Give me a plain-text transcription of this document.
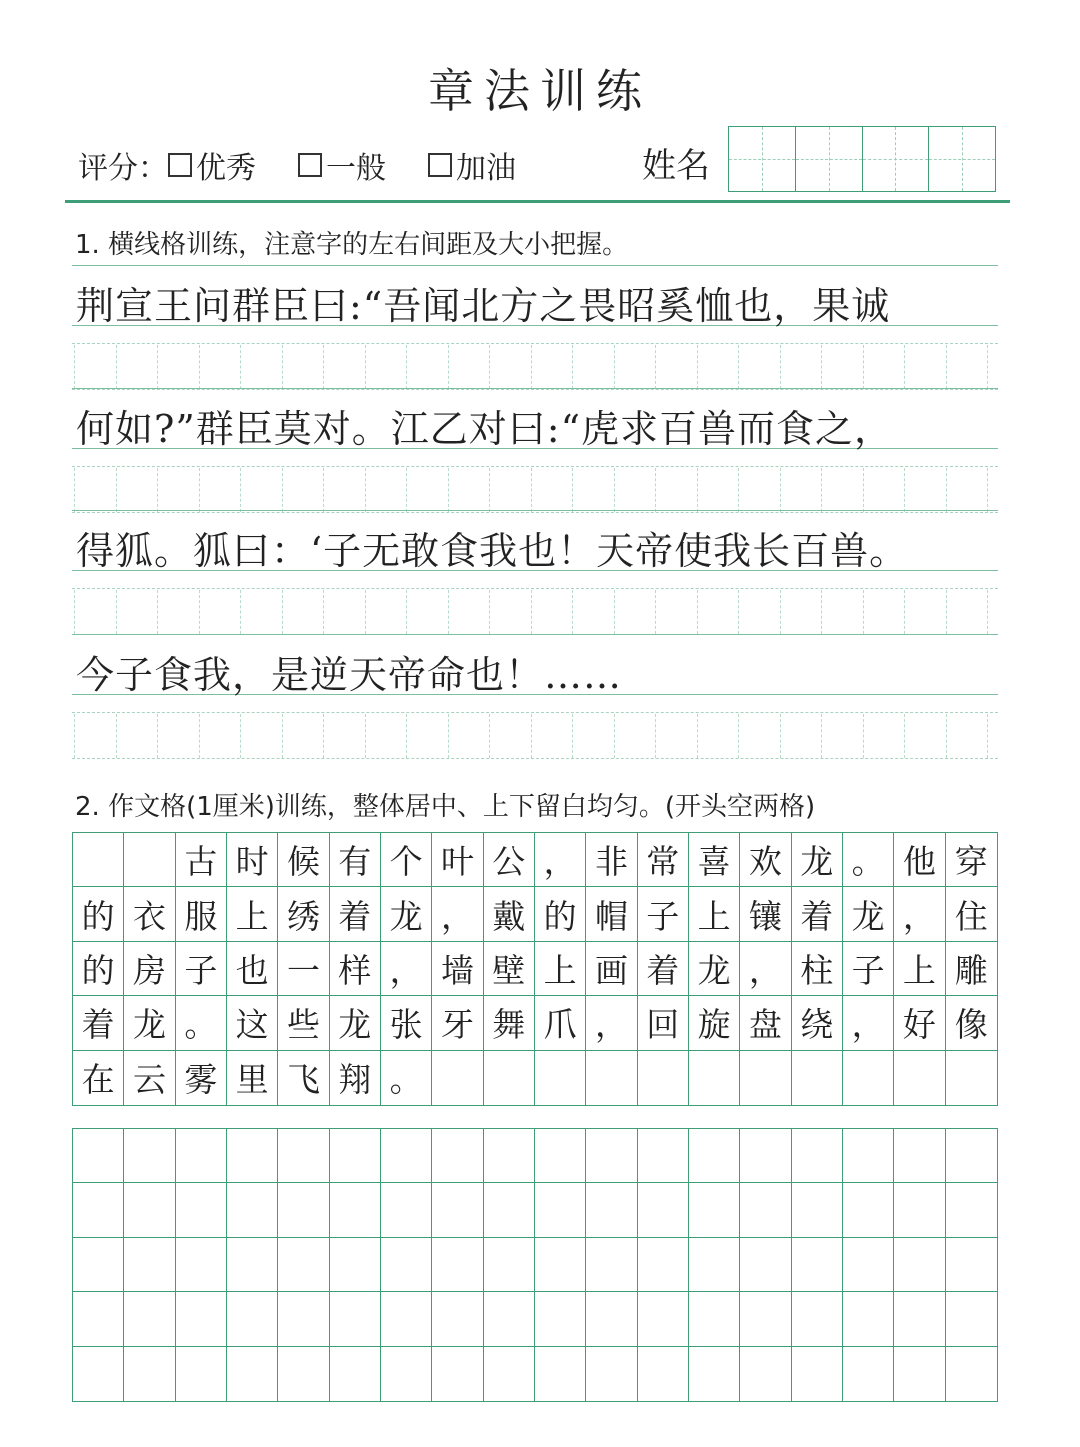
章法训练
评分： 优秀 一般 加油	姓名
1. 横线格训练，注意字的左右间距及大小把握。
荆宣王问群臣曰:“吾闻北方之畏昭奚恤也，果诚
何如?”群臣莫对。江乙对曰:“虎求百兽而食之，
得狐。狐曰：‘子无敢食我也！天帝使我长百兽。
今子食我，是逆天帝命也！……
2. 作文格(1厘米)训练，整体居中、上下留白均匀。(开头空两格)
古 时 候 有 个 叶 公 ， 非 常 喜 欢 龙 。 他 穿
的 衣 服 上 绣 着 龙 ， 戴 的 帽 子 上 镶 着 龙 ， 住
的 房 子 也 一 样 ， 墙 壁 上 画 着 龙 ， 柱 子 上 雕
着 龙 。 这 些 龙 张 牙 舞 爪 ， 回 旋 盘 绕 ， 好 像
在 云 雾 里 飞 翔 。
